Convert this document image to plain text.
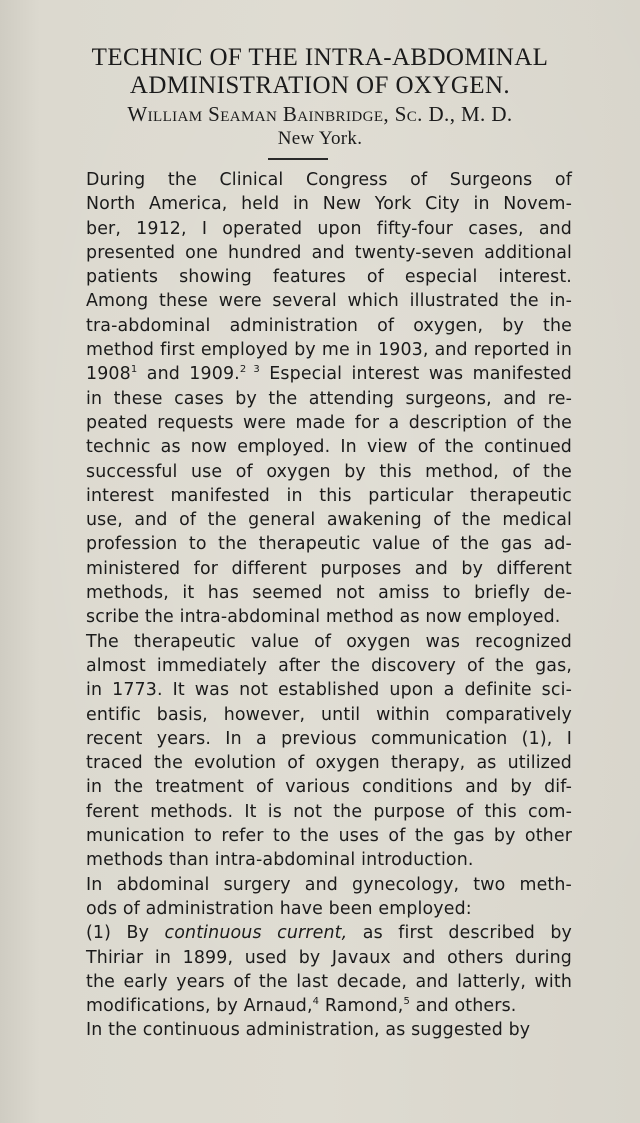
TECHNIC OF THE INTRA-ABDOMINAL
ADMINISTRATION OF OXYGEN.
William Seaman Bainbridge, Sc. D., M. D.
New York.

During the Clinical Congress of Surgeons of
North America, held in New York City in Novem-
ber, 1912, I operated upon fifty-four cases, and
presented one hundred and twenty-seven additional
patients showing features of especial interest.
Among these were several which illustrated the in-
tra-abdominal administration of oxygen, by the
method first employed by me in 1903, and reported in
1908$^1$ and 1909.$^{2 3}$ Especial interest was manifested
in these cases by the attending surgeons, and re-
peated requests were made for a description of the
technic as now employed. In view of the continued
successful use of oxygen by this method, of the
interest manifested in this particular therapeutic
use, and of the general awakening of the medical
profession to the therapeutic value of the gas ad-
ministered for different purposes and by different
methods, it has seemed not amiss to briefly de-
scribe the intra-abdominal method as now employed.

The therapeutic value of oxygen was recognized
almost immediately after the discovery of the gas,
in 1773. It was not established upon a definite sci-
entific basis, however, until within comparatively
recent years. In a previous communication (1), I
traced the evolution of oxygen therapy, as utilized
in the treatment of various conditions and by dif-
ferent methods. It is not the purpose of this com-
munication to refer to the uses of the gas by other
methods than intra-abdominal introduction.

In abdominal surgery and gynecology, two meth-
ods of administration have been employed:

(1) By continuous current, as first described by
Thiriar in 1899, used by Javaux and others during
the early years of the last decade, and latterly, with
modifications, by Arnaud,$^4$ Ramond,$^5$ and others.

In the continuous administration, as suggested by
